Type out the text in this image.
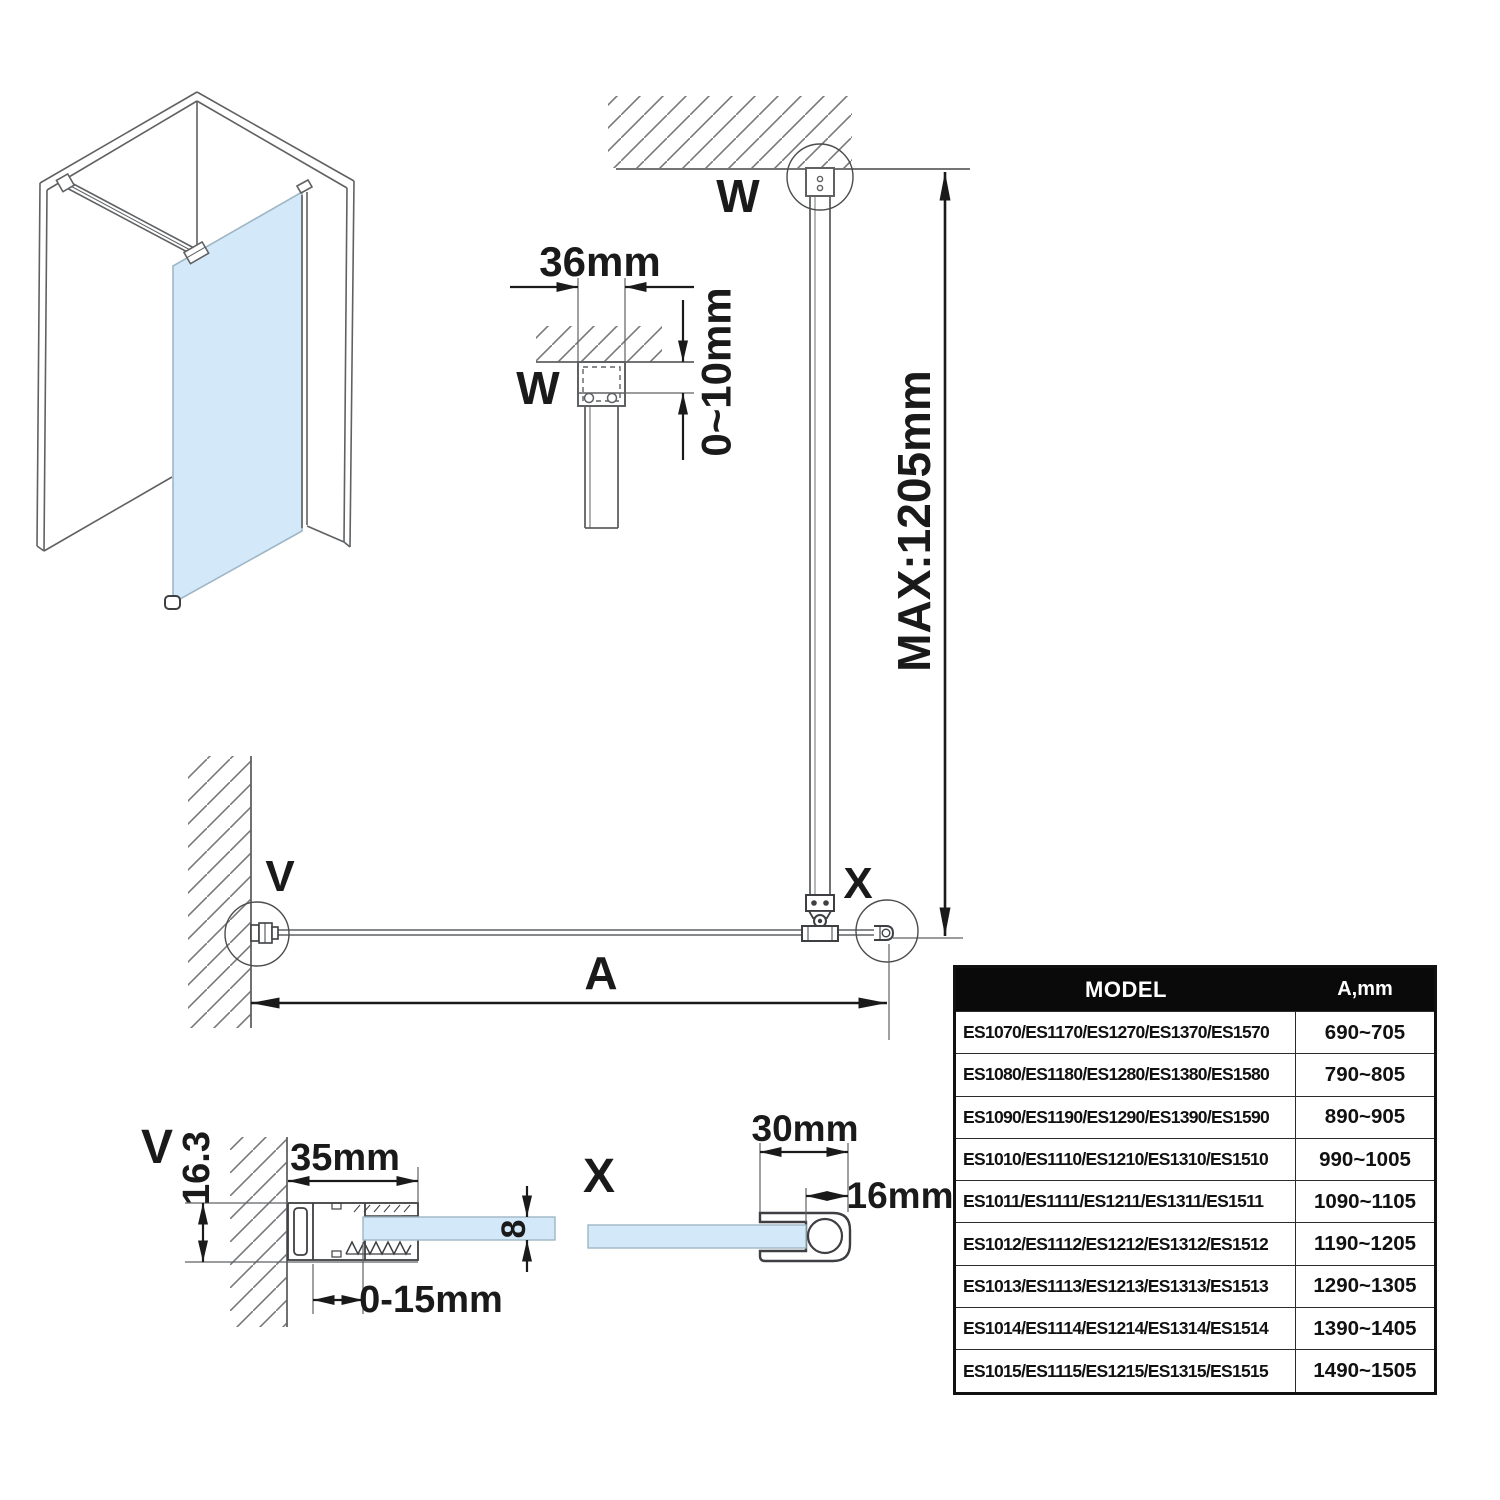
36mm
W	0~10mm
W
MAX:1205mm
V	X
A
V 16.3 35mm
8
0-15mm
X
30mm
16mm
MODEL	A,mm
ES1070/ES1170/ES1270/ES1370/ES1570	690~705
ES1080/ES1180/ES1280/ES1380/ES1580	790~805
ES1090/ES1190/ES1290/ES1390/ES1590	890~905
ES1010/ES1110/ES1210/ES1310/ES1510	990~1005
ES1011/ES1111/ES1211/ES1311/ES1511	1090~1105
ES1012/ES1112/ES1212/ES1312/ES1512	1190~1205
ES1013/ES1113/ES1213/ES1313/ES1513	1290~1305
ES1014/ES1114/ES1214/ES1314/ES1514	1390~1405
ES1015/ES1115/ES1215/ES1315/ES1515	1490~1505
